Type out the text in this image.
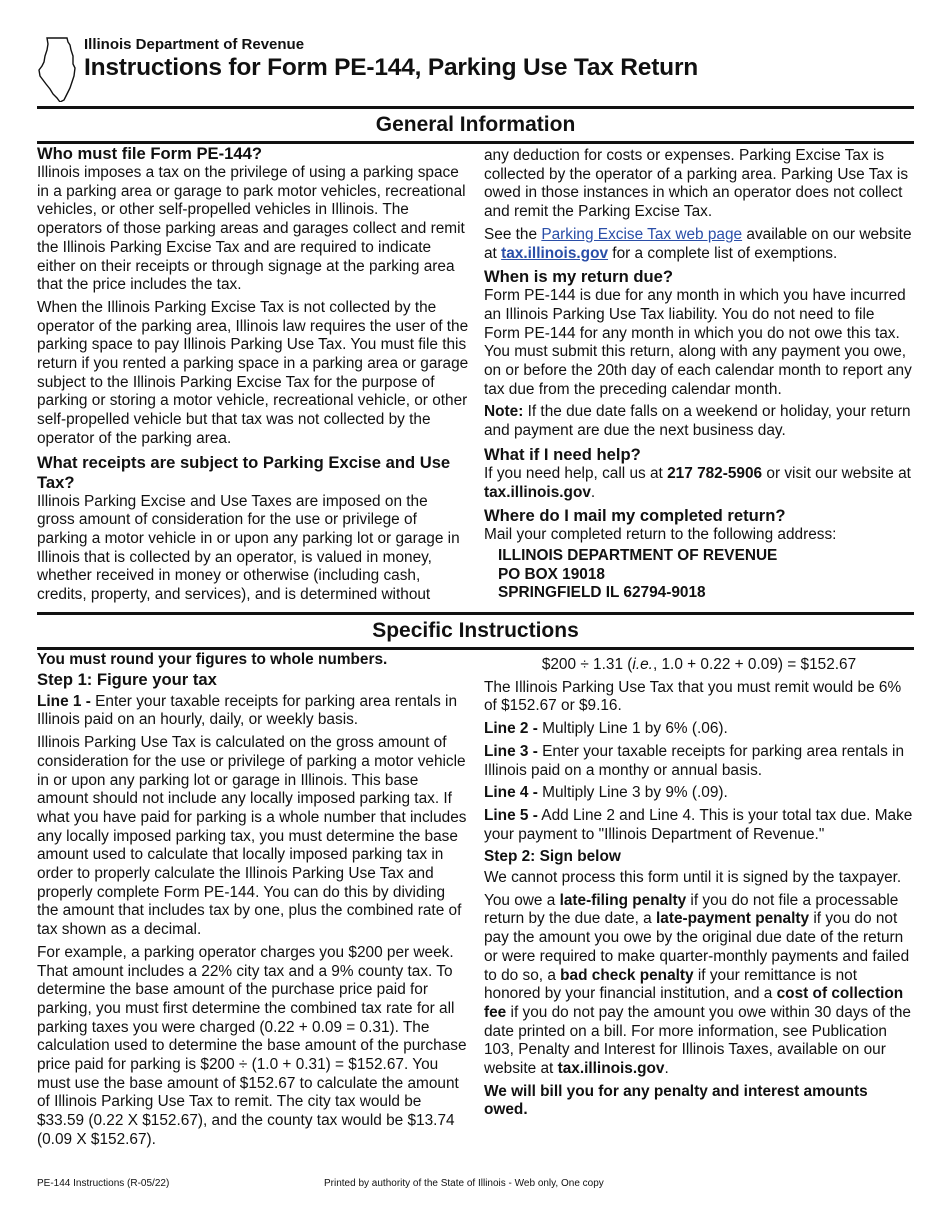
Illinois Department of Revenue
Instructions for Form PE-144, Parking Use Tax Return
General Information
Who must file Form PE-144?

Illinois imposes a tax on the privilege of using a parking space in a parking area or garage to park motor vehicles, recreational vehicles, or other self-propelled vehicles in Illinois. The operators of those parking areas and garages collect and remit the Illinois Parking Excise Tax and are required to indicate either on their receipts or through signage at the parking area that the price includes the tax.

When the Illinois Parking Excise Tax is not collected by the operator of the parking area, Illinois law requires the user of the parking space to pay Illinois Parking Use Tax. You must file this return if you rented a parking space in a parking area or garage subject to the Illinois Parking Excise Tax for the purpose of parking or storing a motor vehicle, recreational vehicle, or other self-propelled vehicle but that tax was not collected by the operator of the parking area.

What receipts are subject to Parking Excise and Use Tax?

Illinois Parking Excise and Use Taxes are imposed on the gross amount of consideration for the use or privilege of parking a motor vehicle in or upon any parking lot or garage in Illinois that is collected by an operator, is valued in money, whether received in money or otherwise (including cash, credits, property, and services), and is determined without

any deduction for costs or expenses. Parking Excise Tax is collected by the operator of a parking area. Parking Use Tax is owed in those instances in which an operator does not collect and remit the Parking Excise Tax.

See the Parking Excise Tax web page available on our website at tax.illinois.gov for a complete list of exemptions.

When is my return due?

Form PE-144 is due for any month in which you have incurred an Illinois Parking Use Tax liability. You do not need to file Form PE-144 for any month in which you do not owe this tax. You must submit this return, along with any payment you owe, on or before the 20th day of each calendar month to report any tax due from the preceding calendar month.

Note: If the due date falls on a weekend or holiday, your return and payment are due the next business day.

What if I need help?

If you need help, call us at 217 782-5906 or visit our website at tax.illinois.gov.

Where do I mail my completed return?

Mail your completed return to the following address:

ILLINOIS DEPARTMENT OF REVENUE
PO BOX 19018
SPRINGFIELD IL 62794-9018
Specific Instructions
You must round your figures to whole numbers.
Step 1: Figure your tax

Line 1 - Enter your taxable receipts for parking area rentals in Illinois paid on an hourly, daily, or weekly basis.

Illinois Parking Use Tax is calculated on the gross amount of consideration for the use or privilege of parking a motor vehicle in or upon any parking lot or garage in Illinois. This base amount should not include any locally imposed parking tax. If what you have paid for parking is a whole number that includes any locally imposed parking tax, you must determine the base amount used to calculate that locally imposed parking tax in order to properly calculate the Illinois Parking Use Tax and properly complete Form PE-144. You can do this by dividing the amount that includes tax by one, plus the combined rate of tax shown as a decimal.

For example, a parking operator charges you $200 per week. That amount includes a 22% city tax and a 9% county tax. To determine the base amount of the purchase price paid for parking, you must first determine the combined tax rate for all parking taxes you were charged (0.22 + 0.09 = 0.31). The calculation used to determine the base amount of the purchase price paid for parking is $200 ÷ (1.0 + 0.31) = $152.67. You must use the base amount of $152.67 to calculate the amount of Illinois Parking Use Tax to remit. The city tax would be $33.59 (0.22 X $152.67), and the county tax would be $13.74 (0.09 X $152.67).

$200 ÷ 1.31 (i.e., 1.0 + 0.22 + 0.09) = $152.67

The Illinois Parking Use Tax that you must remit would be 6% of $152.67 or $9.16.

Line 2 - Multiply Line 1 by 6% (.06).

Line 3 - Enter your taxable receipts for parking area rentals in Illinois paid on a monthy or annual basis.

Line 4 - Multiply Line 3 by 9% (.09).

Line 5 - Add Line 2 and Line 4. This is your total tax due. Make your payment to "Illinois Department of Revenue."

Step 2: Sign below

We cannot process this form until it is signed by the taxpayer.

You owe a late-filing penalty if you do not file a processable return by the due date, a late-payment penalty if you do not pay the amount you owe by the original due date of the return or were required to make quarter-monthly payments and failed to do so, a bad check penalty if your remittance is not honored by your financial institution, and a cost of collection fee if you do not pay the amount you owe within 30 days of the date printed on a bill. For more information, see Publication 103, Penalty and Interest for Illinois Taxes, available on our website at tax.illinois.gov.

We will bill you for any penalty and interest amounts owed.

PE-144 Instructions (R-05/22)	Printed by authority of the State of Illinois - Web only, One copy
